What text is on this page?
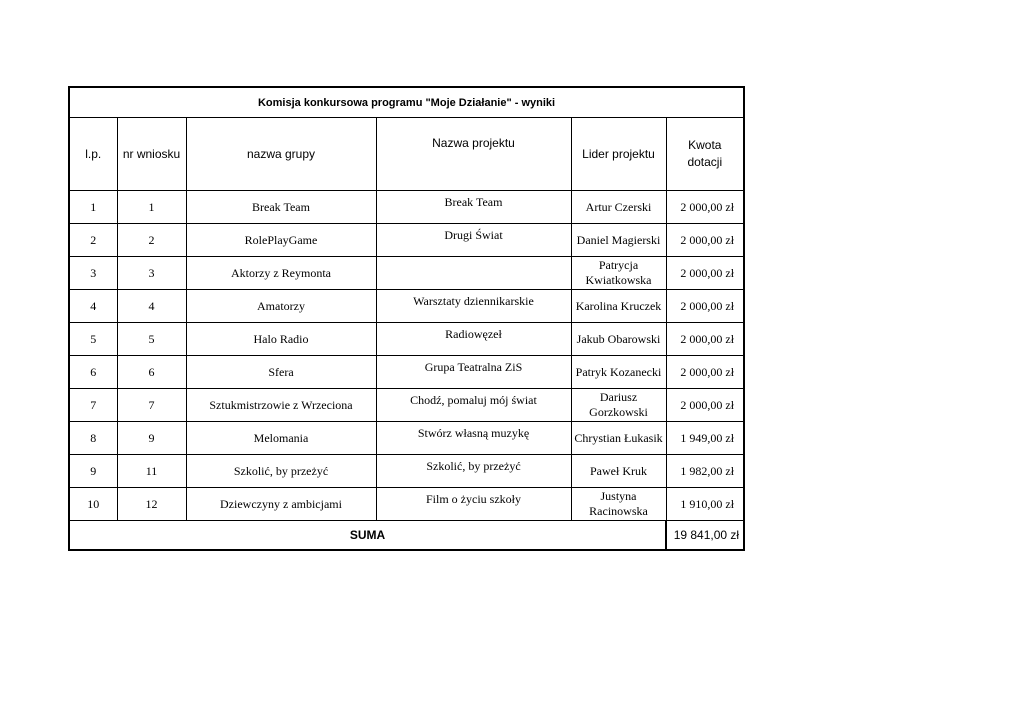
Komisja konkursowa programu "Moje Działanie" - wyniki					
l.p.	nr wniosku	nazwa grupy	Nazwa projektu	Lider projektu	Kwota
dotacji

1	1	Break Team	Break Team	Artur Czerski	2 000,00 zł
2	2	RolePlayGame	Drugi Świat	Daniel Magierski	2 000,00 zł
3	3	Aktorzy z Reymonta		Patrycja
Kwiatkowska	2 000,00 zł
4	4	Amatorzy	Warsztaty dziennikarskie	Karolina Kruczek	2 000,00 zł
5	5	Halo Radio	Radiowęzeł	Jakub Obarowski	2 000,00 zł
6	6	Sfera	Grupa Teatralna ZiS	Patryk Kozanecki	2 000,00 zł
7	7	Sztukmistrzowie z Wrzeciona	Chodź, pomaluj mój świat	Dariusz
Gorzkowski	2 000,00 zł
8	9	Melomania	Stwórz własną muzykę	Chrystian Łukasik	1 949,00 zł
9	11	Szkolić, by przeżyć	Szkolić, by przeżyć	Paweł Kruk	1 982,00 zł
10	12	Dziewczyny z ambicjami	Film o życiu szkoły	Justyna
Racinowska	1 910,00 zł
SUMA					19 841,00 zł
